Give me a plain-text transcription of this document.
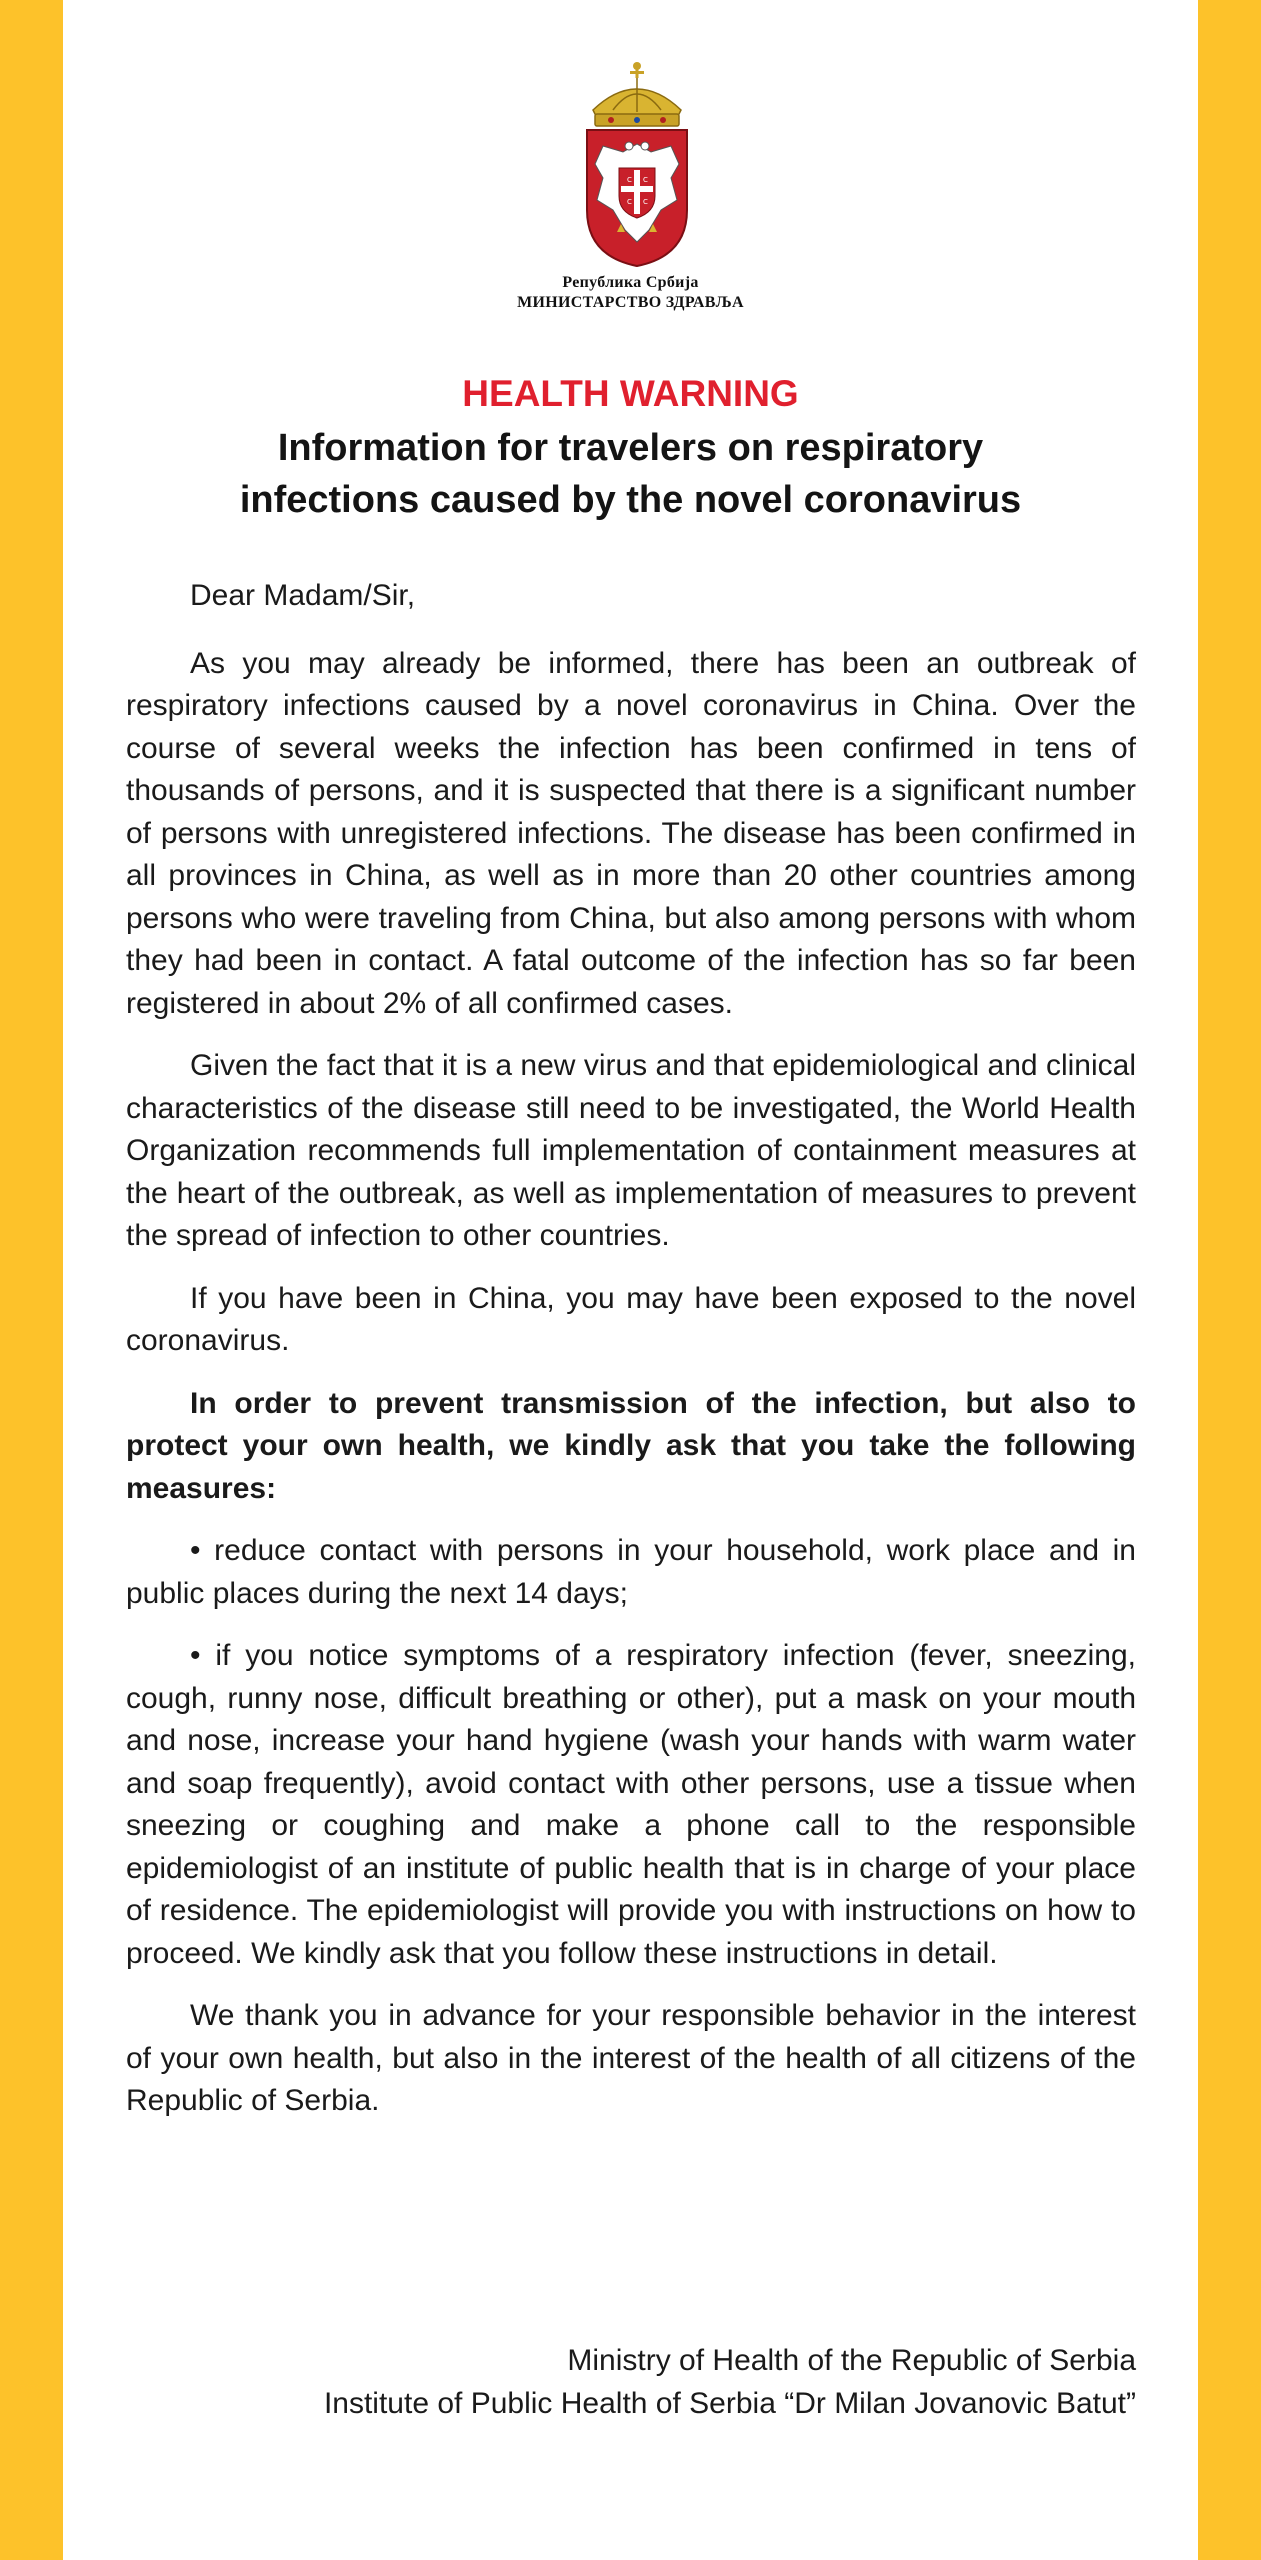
C C
C C
Република Србија
МИНИСТАРСТВО ЗДРАВЉА
HEALTH WARNING
Information for travelers on respiratory
infections caused by the novel coronavirus

Dear Madam/Sir,

As you may already be informed, there has been an outbreak of respiratory infections caused by a novel coronavirus in China. Over the course of several weeks the infection has been confirmed in tens of thousands of persons, and it is suspected that there is a significant number of persons with unregistered infections. The disease has been confirmed in all provinces in China, as well as in more than 20 other countries among persons who were traveling from China, but also among persons with whom they had been in contact. A fatal outcome of the infection has so far been registered in about 2% of all confirmed cases.

Given the fact that it is a new virus and that epidemiological and clinical characteristics of the disease still need to be investigated, the World Health Organization recommends full implementation of containment measures at the heart of the outbreak, as well as implementation of measures to prevent the spread of infection to other countries.

If you have been in China, you may have been exposed to the novel coronavirus.

In order to prevent transmission of the infection, but also to protect your own health, we kindly ask that you take the following measures:

• reduce contact with persons in your household, work place and in public places during the next 14 days;

• if you notice symptoms of a respiratory infection (fever, sneezing, cough, runny nose, difficult breathing or other), put a mask on your mouth and nose, increase your hand hygiene (wash your hands with warm water and soap frequently), avoid contact with other persons, use a tissue when sneezing or coughing and make a phone call to the responsible epidemiologist of an institute of public health that is in charge of your place of residence. The epidemiologist will provide you with instructions on how to proceed. We kindly ask that you follow these instructions in detail.

We thank you in advance for your responsible behavior in the interest of your own health, but also in the interest of the health of all citizens of the Republic of Serbia.

Ministry of Health of the Republic of Serbia
Institute of Public Health of Serbia “Dr Milan Jovanovic Batut”
